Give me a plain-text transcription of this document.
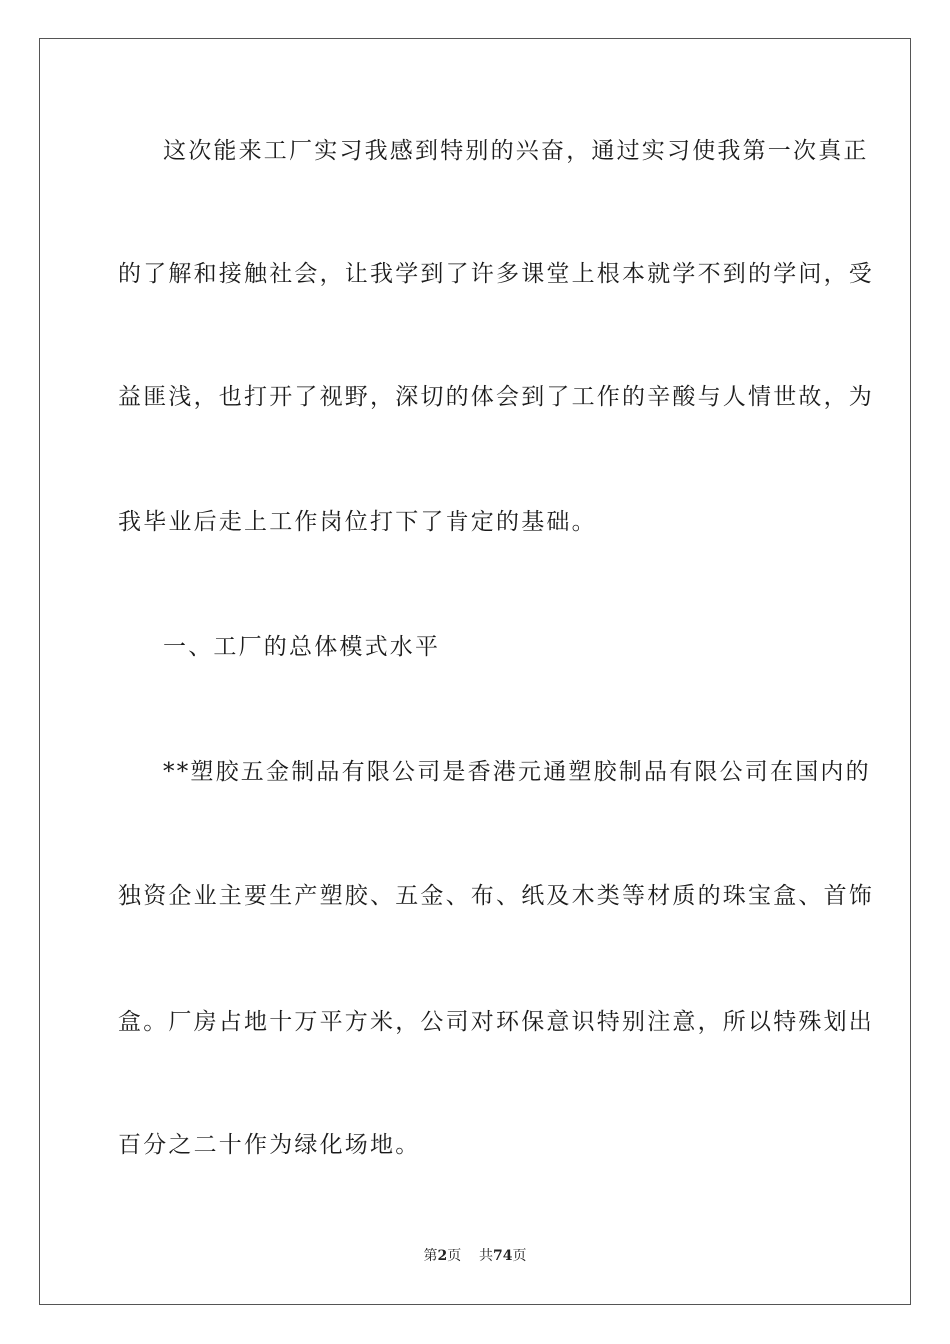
这次能来工厂实习我感到特别的兴奋，通过实习使我第一次真正
的了解和接触社会，让我学到了许多课堂上根本就学不到的学问，受
益匪浅，也打开了视野，深切的体会到了工作的辛酸与人情世故，为
我毕业后走上工作岗位打下了肯定的基础。
一、工厂的总体模式水平
**塑胶五金制品有限公司是香港元通塑胶制品有限公司在国内的
独资企业主要生产塑胶、五金、布、纸及木类等材质的珠宝盒、首饰
盒。厂房占地十万平方米，公司对环保意识特别注意，所以特殊划出
百分之二十作为绿化场地。
第2页 共74页
